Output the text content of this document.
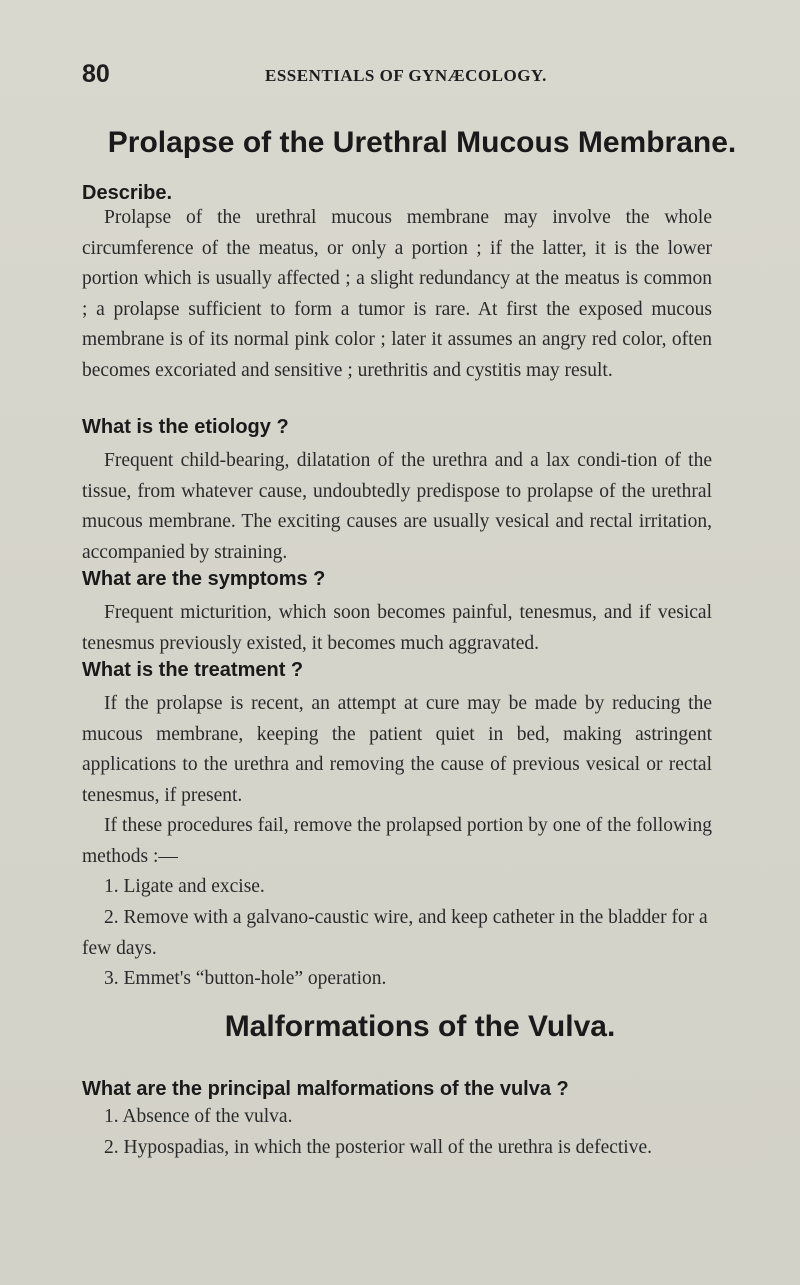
80	ESSENTIALS OF GYNÆCOLOGY.
Prolapse of the Urethral Mucous Membrane.
Describe.

Prolapse of the urethral mucous membrane may involve the whole circumference of the meatus, or only a portion ; if the latter, it is the lower portion which is usually affected ; a slight redundancy at the meatus is common ; a prolapse sufficient to form a tumor is rare. At first the exposed mucous membrane is of its normal pink color ; later it assumes an angry red color, often becomes excoriated and sensitive ; urethritis and cystitis may result.

What is the etiology ?

Frequent child-bearing, dilatation of the urethra and a lax condi-tion of the tissue, from whatever cause, undoubtedly predispose to prolapse of the urethral mucous membrane. The exciting causes are usually vesical and rectal irritation, accompanied by straining.

What are the symptoms ?

Frequent micturition, which soon becomes painful, tenesmus, and if vesical tenesmus previously existed, it becomes much aggravated.

What is the treatment ?

If the prolapse is recent, an attempt at cure may be made by reducing the mucous membrane, keeping the patient quiet in bed, making astringent applications to the urethra and removing the cause of previous vesical or rectal tenesmus, if present.

If these procedures fail, remove the prolapsed portion by one of the following methods :—

1. Ligate and excise.

2. Remove with a galvano-caustic wire, and keep catheter in the bladder for a few days.

3. Emmet's “button-hole” operation.

Malformations of the Vulva.
What are the principal malformations of the vulva ?

1. Absence of the vulva.

2. Hypospadias, in which the posterior wall of the urethra is defective.
